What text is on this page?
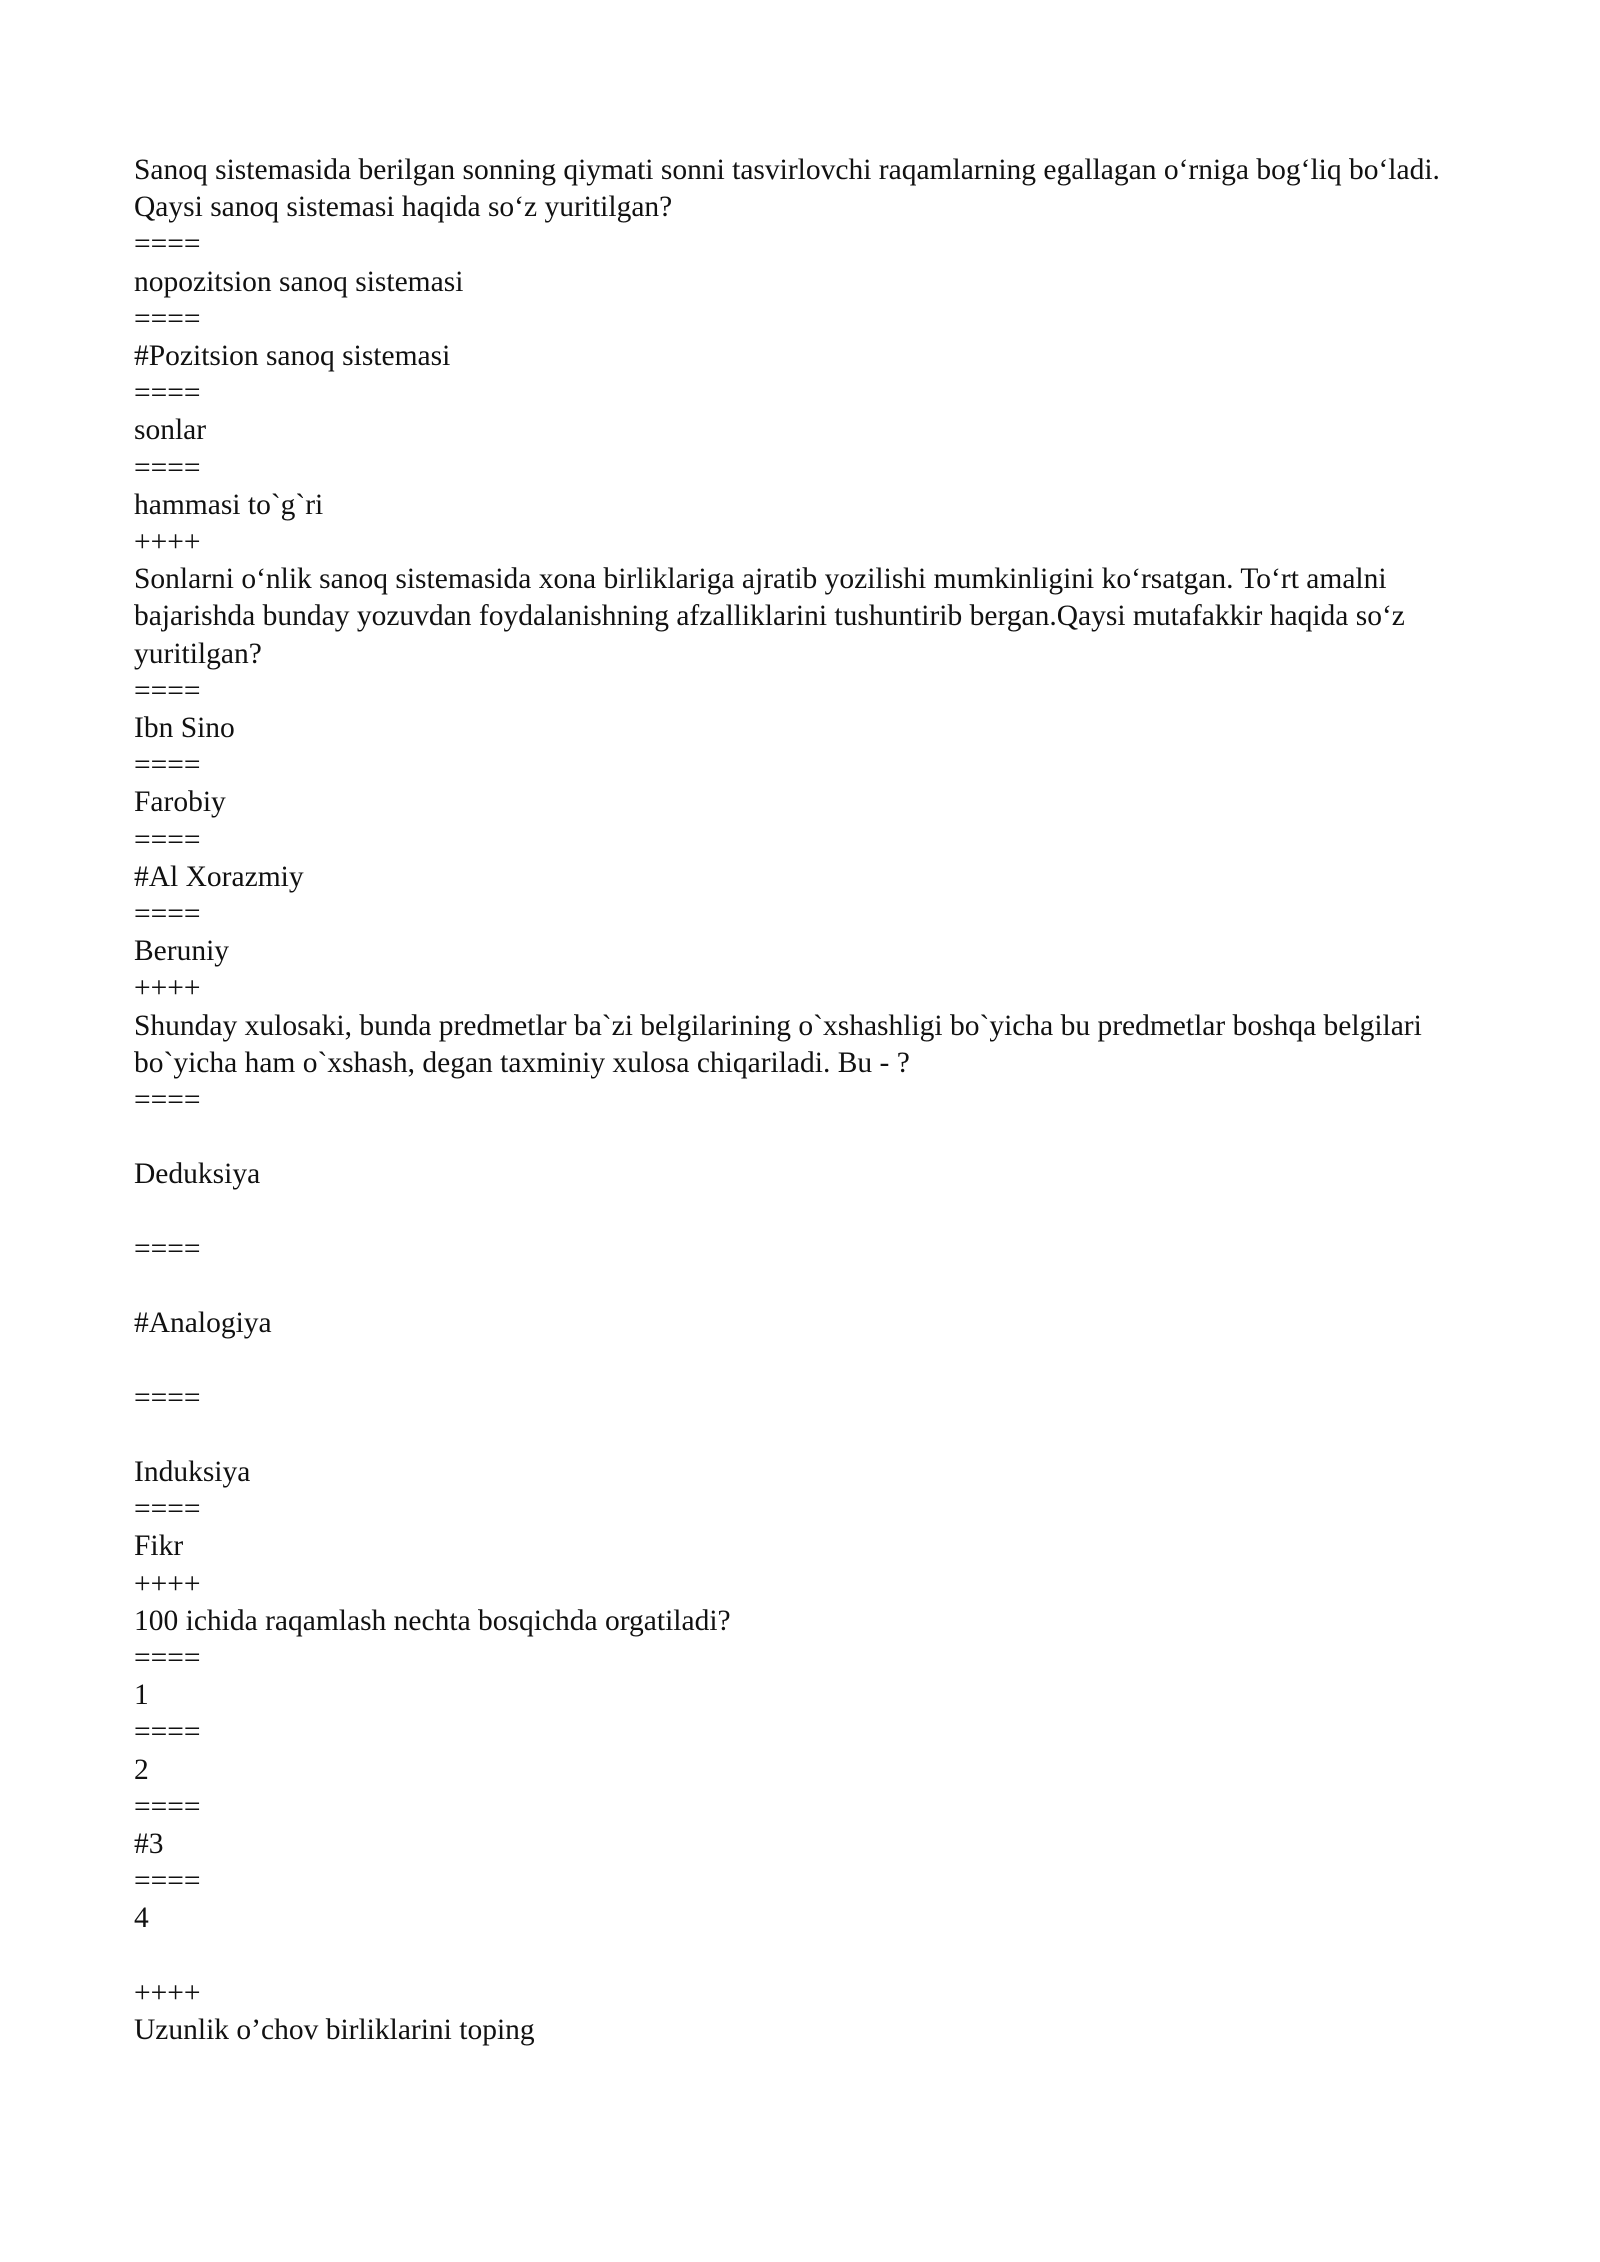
Sanoq sistemasida berilgan sonning qiymati sonni tasvirlovchi raqamlarning egallagan o‘rniga bog‘liq bo‘ladi. Qaysi sanoq sistemasi haqida so‘z yuritilgan?

====

nopozitsion sanoq sistemasi

====

#Pozitsion sanoq sistemasi

====

sonlar

====

hammasi to`g`ri

++++

Sonlarni o‘nlik sanoq sistemasida xona birliklariga ajratib yozilishi mumkinligini ko‘rsatgan. To‘rt amalni bajarishda bunday yozuvdan foydalanishning afzalliklarini tushuntirib bergan.Qaysi mutafakkir haqida so‘z yuritilgan?

====

Ibn Sino

====

Farobiy

====

#Al Xorazmiy

====

Beruniy

++++

Shunday xulosaki, bunda predmetlar ba`zi belgilarining o`xshashligi bo`yicha bu predmetlar boshqa belgilari bo`yicha ham o`xshash, degan taxminiy xulosa chiqariladi. Bu - ?

====

Deduksiya

====

#Analogiya

====

Induksiya

====

Fikr

++++

100 ichida raqamlash nechta bosqichda orgatiladi?

====

1

====

2

====

#3

====

4

++++

Uzunlik o’chov birliklarini toping
